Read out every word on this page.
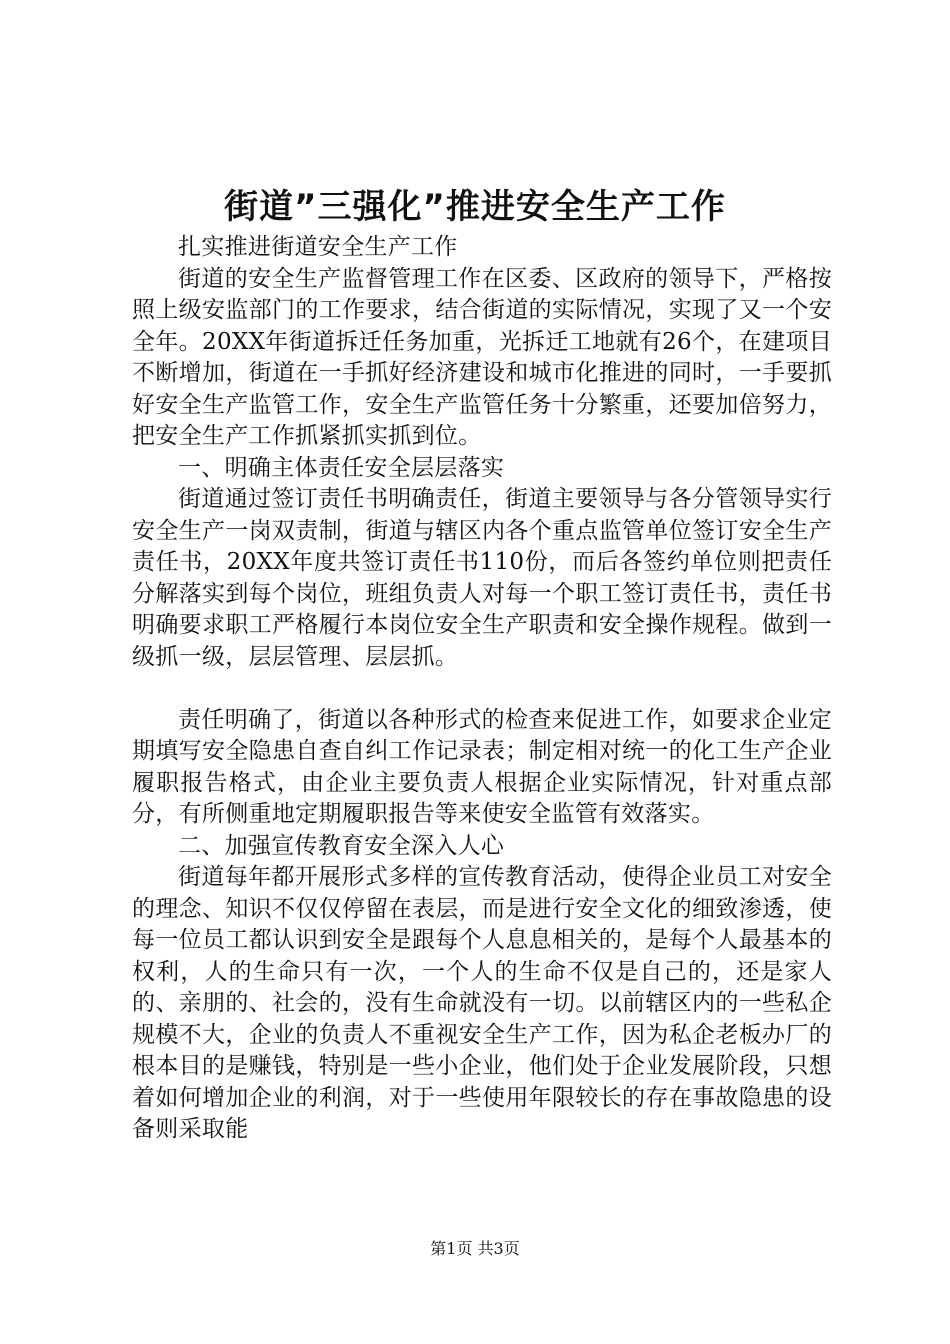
街道”三强化”推进安全生产工作

扎实推进街道安全生产工作

街道的安全生产监督管理工作在区委、区政府的领导下，严格按照上级安监部门的工作要求，结合街道的实际情况，实现了又一个安全年。20XX年街道拆迁任务加重，光拆迁工地就有26个，在建项目不断增加，街道在一手抓好经济建设和城市化推进的同时，一手要抓好安全生产监管工作，安全生产监管任务十分繁重，还要加倍努力，把安全生产工作抓紧抓实抓到位。

一、明确主体责任安全层层落实

街道通过签订责任书明确责任，街道主要领导与各分管领导实行安全生产一岗双责制，街道与辖区内各个重点监管单位签订安全生产责任书，20XX年度共签订责任书110份，而后各签约单位则把责任分解落实到每个岗位，班组负责人对每一个职工签订责任书，责任书明确要求职工严格履行本岗位安全生产职责和安全操作规程。做到一级抓一级，层层管理、层层抓。

责任明确了，街道以各种形式的检查来促进工作，如要求企业定期填写安全隐患自查自纠工作记录表；制定相对统一的化工生产企业履职报告格式，由企业主要负责人根据企业实际情况，针对重点部分，有所侧重地定期履职报告等来使安全监管有效落实。

二、加强宣传教育安全深入人心

街道每年都开展形式多样的宣传教育活动，使得企业员工对安全的理念、知识不仅仅停留在表层，而是进行安全文化的细致渗透，使每一位员工都认识到安全是跟每个人息息相关的，是每个人最基本的权利，人的生命只有一次，一个人的生命不仅是自己的，还是家人的、亲朋的、社会的，没有生命就没有一切。以前辖区内的一些私企规模不大，企业的负责人不重视安全生产工作，因为私企老板办厂的根本目的是赚钱，特别是一些小企业，他们处于企业发展阶段，只想着如何增加企业的利润，对于一些使用年限较长的存在事故隐患的设备则采取能

第1页 共3页
